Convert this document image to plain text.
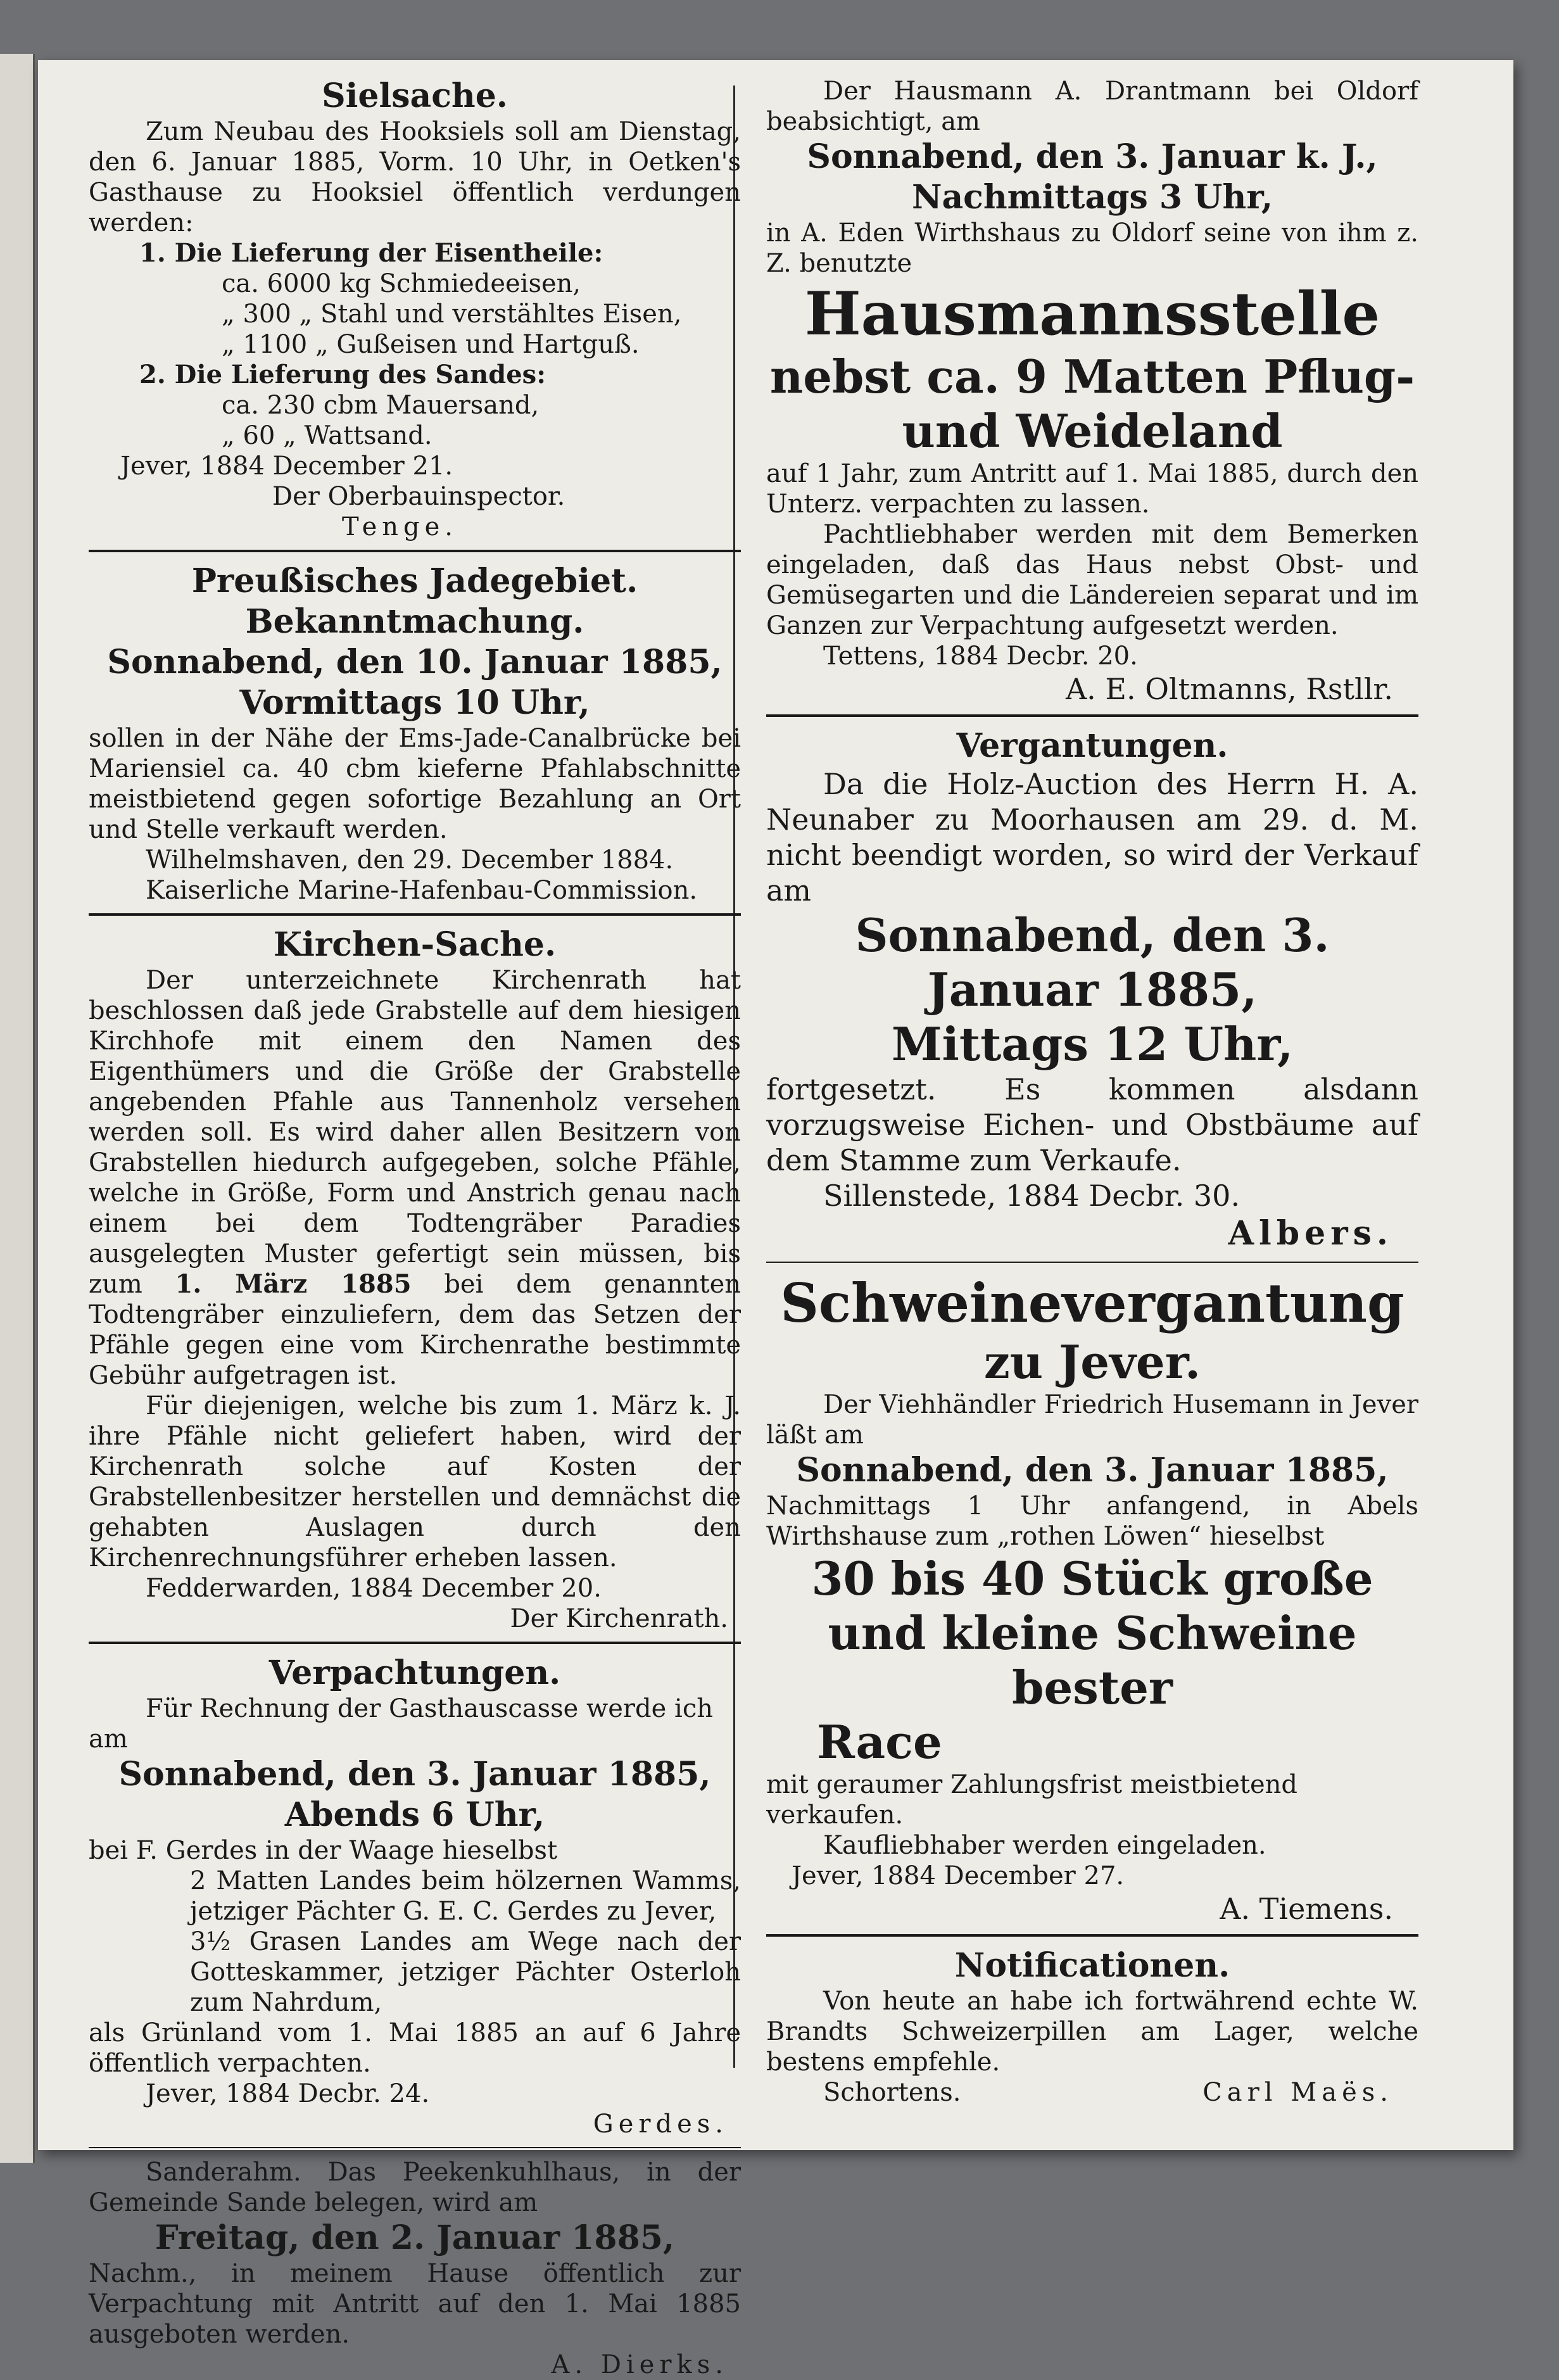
Sielsache.

Zum Neubau des Hooksiels soll am Dienstag, den 6. Januar 1885, Vorm. 10 Uhr, in Oetken's Gasthause zu Hooksiel öffentlich verdungen werden:

1. Die Lieferung der Eisentheile:

ca. 6000 kg Schmiedeeisen,

„ 300 „ Stahl und verstähltes Eisen,

„ 1100 „ Gußeisen und Hartguß.

2. Die Lieferung des Sandes:

ca. 230 cbm Mauersand,

„ 60 „ Wattsand.

Jever, 1884 December 21.

Der Oberbauinspector.

Tenge.

Preußisches Jadegebiet.

Bekanntmachung.

Sonnabend, den 10. Januar 1885,

Vormittags 10 Uhr,

sollen in der Nähe der Ems-Jade-Canalbrücke bei Mariensiel ca. 40 cbm kieferne Pfahlabschnitte meistbietend gegen sofortige Bezahlung an Ort und Stelle verkauft werden.

Wilhelmshaven, den 29. December 1884.

Kaiserliche Marine-Hafenbau-Commission.

Kirchen-Sache.

Der unterzeichnete Kirchenrath hat beschlossen daß jede Grabstelle auf dem hiesigen Kirchhofe mit einem den Namen des Eigenthümers und die Größe der Grabstelle angebenden Pfahle aus Tannenholz versehen werden soll. Es wird daher allen Besitzern von Grabstellen hiedurch aufgegeben, solche Pfähle, welche in Größe, Form und Anstrich genau nach einem bei dem Todtengräber Paradies ausgelegten Muster gefertigt sein müssen, bis zum 1. März 1885 bei dem genannten Todtengräber einzuliefern, dem das Setzen der Pfähle gegen eine vom Kirchenrathe bestimmte Gebühr aufgetragen ist.

Für diejenigen, welche bis zum 1. März k. J. ihre Pfähle nicht geliefert haben, wird der Kirchenrath solche auf Kosten der Grabstellenbesitzer herstellen und demnächst die gehabten Auslagen durch den Kirchenrechnungsführer erheben lassen.

Fedderwarden, 1884 December 20.

Der Kirchenrath.

Verpachtungen.

Für Rechnung der Gasthauscasse werde ich am

Sonnabend, den 3. Januar 1885,

Abends 6 Uhr,

bei F. Gerdes in der Waage hieselbst

2 Matten Landes beim hölzernen Wamms, jetziger Pächter G. E. C. Gerdes zu Jever,

3½ Grasen Landes am Wege nach der Gotteskammer, jetziger Pächter Osterloh zum Nahrdum,

als Grünland vom 1. Mai 1885 an auf 6 Jahre öffentlich verpachten.

Jever, 1884 Decbr. 24.

Gerdes.

Sanderahm. Das Peekenkuhlhaus, in der Gemeinde Sande belegen, wird am

Freitag, den 2. Januar 1885,

Nachm., in meinem Hause öffentlich zur Verpachtung mit Antritt auf den 1. Mai 1885 ausgeboten werden.

A. Dierks.

Der Hausmann A. Drantmann bei Oldorf beabsichtigt, am

Sonnabend, den 3. Januar k. J.,

Nachmittags 3 Uhr,

in A. Eden Wirthshaus zu Oldorf seine von ihm z. Z. benutzte

Hausmannsstelle

nebst ca. 9 Matten Pflug-

und Weideland

auf 1 Jahr, zum Antritt auf 1. Mai 1885, durch den Unterz. verpachten zu lassen.

Pachtliebhaber werden mit dem Bemerken eingeladen, daß das Haus nebst Obst- und Gemüsegarten und die Ländereien separat und im Ganzen zur Verpachtung aufgesetzt werden.

Tettens, 1884 Decbr. 20.

A. E. Oltmanns, Rstllr.

Vergantungen.

Da die Holz-Auction des Herrn H. A. Neunaber zu Moorhausen am 29. d. M. nicht beendigt worden, so wird der Verkauf am

Sonnabend, den 3. Januar 1885,

Mittags 12 Uhr,

fortgesetzt. Es kommen alsdann vorzugsweise Eichen- und Obstbäume auf dem Stamme zum Verkaufe.

Sillenstede, 1884 Decbr. 30.

Albers.

Schweinevergantung

zu Jever.

Der Viehhändler Friedrich Husemann in Jever läßt am

Sonnabend, den 3. Januar 1885,

Nachmittags 1 Uhr anfangend, in Abels Wirthshause zum „rothen Löwen“ hieselbst

30 bis 40 Stück große

und kleine Schweine bester

Race

mit geraumer Zahlungsfrist meistbietend verkaufen.

Kaufliebhaber werden eingeladen.

Jever, 1884 December 27.

A. Tiemens.

Notificationen.

Von heute an habe ich fortwährend echte W. Brandts Schweizerpillen am Lager, welche bestens empfehle.

Schortens.	Carl Maës.
